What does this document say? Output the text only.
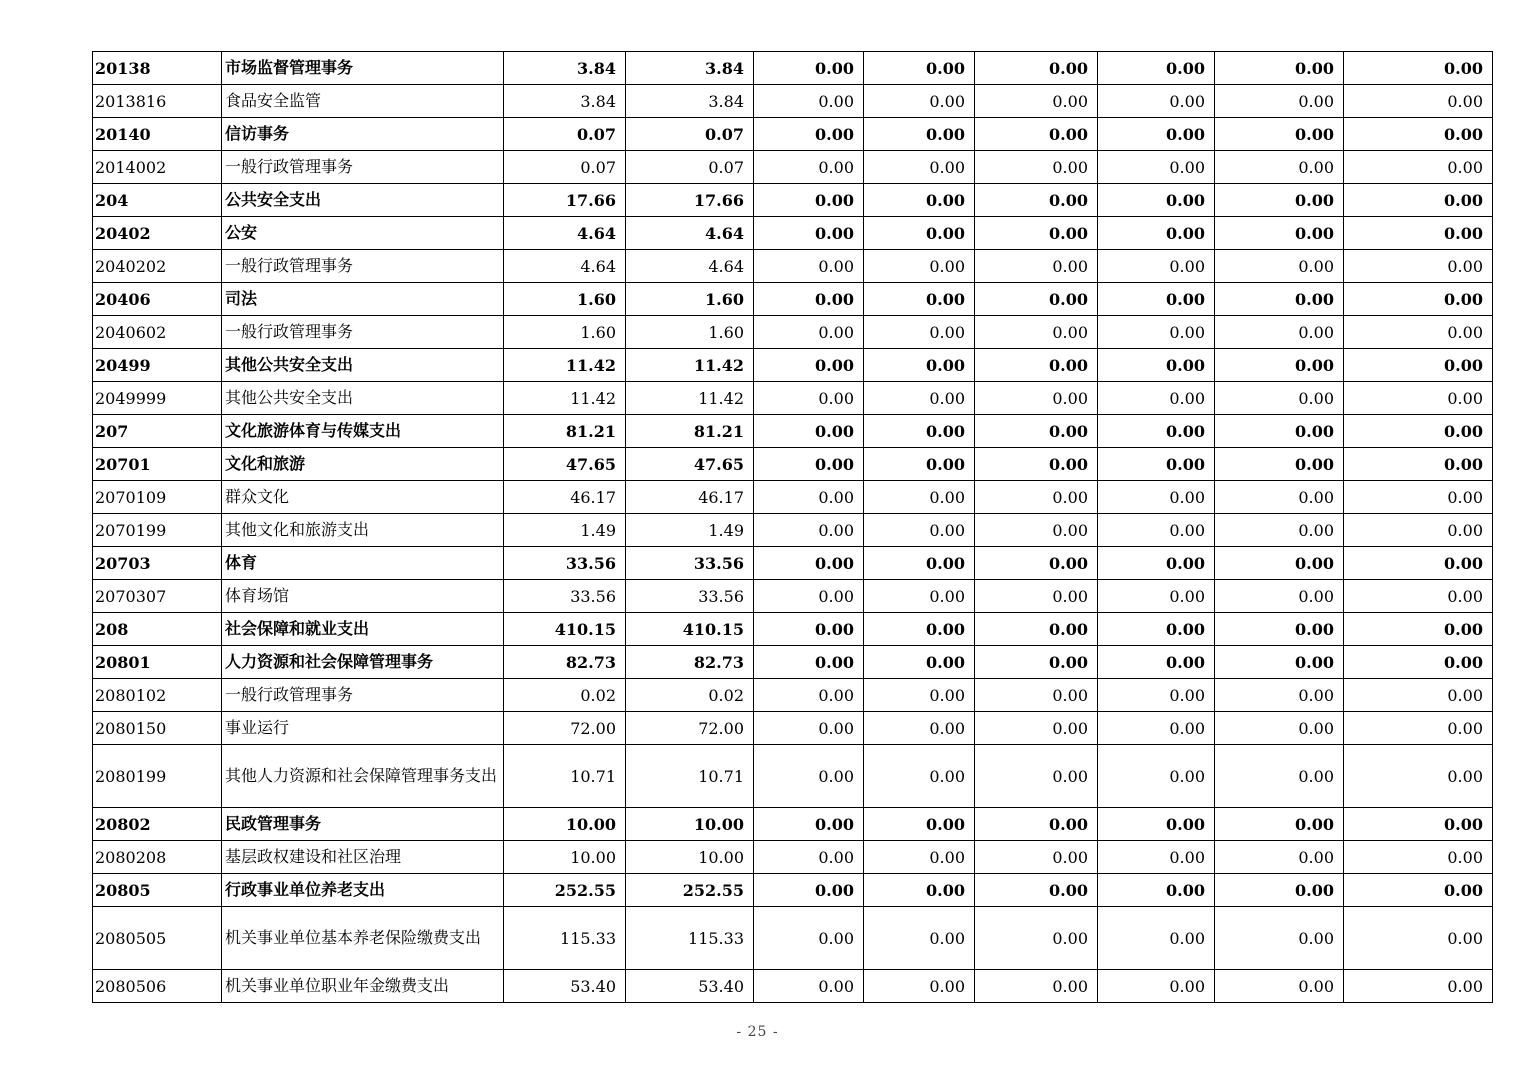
20138	市场监督管理事务	3.84	3.84	0.00	0.00	0.00	0.00	0.00	0.00
2013816	食品安全监管	3.84	3.84	0.00	0.00	0.00	0.00	0.00	0.00
20140	信访事务	0.07	0.07	0.00	0.00	0.00	0.00	0.00	0.00
2014002	一般行政管理事务	0.07	0.07	0.00	0.00	0.00	0.00	0.00	0.00
204	公共安全支出	17.66	17.66	0.00	0.00	0.00	0.00	0.00	0.00
20402	公安	4.64	4.64	0.00	0.00	0.00	0.00	0.00	0.00
2040202	一般行政管理事务	4.64	4.64	0.00	0.00	0.00	0.00	0.00	0.00
20406	司法	1.60	1.60	0.00	0.00	0.00	0.00	0.00	0.00
2040602	一般行政管理事务	1.60	1.60	0.00	0.00	0.00	0.00	0.00	0.00
20499	其他公共安全支出	11.42	11.42	0.00	0.00	0.00	0.00	0.00	0.00
2049999	其他公共安全支出	11.42	11.42	0.00	0.00	0.00	0.00	0.00	0.00
207	文化旅游体育与传媒支出	81.21	81.21	0.00	0.00	0.00	0.00	0.00	0.00
20701	文化和旅游	47.65	47.65	0.00	0.00	0.00	0.00	0.00	0.00
2070109	群众文化	46.17	46.17	0.00	0.00	0.00	0.00	0.00	0.00
2070199	其他文化和旅游支出	1.49	1.49	0.00	0.00	0.00	0.00	0.00	0.00
20703	体育	33.56	33.56	0.00	0.00	0.00	0.00	0.00	0.00
2070307	体育场馆	33.56	33.56	0.00	0.00	0.00	0.00	0.00	0.00
208	社会保障和就业支出	410.15	410.15	0.00	0.00	0.00	0.00	0.00	0.00
20801	人力资源和社会保障管理事务	82.73	82.73	0.00	0.00	0.00	0.00	0.00	0.00
2080102	一般行政管理事务	0.02	0.02	0.00	0.00	0.00	0.00	0.00	0.00
2080150	事业运行	72.00	72.00	0.00	0.00	0.00	0.00	0.00	0.00
2080199	其他人力资源和社会保障管理事务支出	10.71	10.71	0.00	0.00	0.00	0.00	0.00	0.00
20802	民政管理事务	10.00	10.00	0.00	0.00	0.00	0.00	0.00	0.00
2080208	基层政权建设和社区治理	10.00	10.00	0.00	0.00	0.00	0.00	0.00	0.00
20805	行政事业单位养老支出	252.55	252.55	0.00	0.00	0.00	0.00	0.00	0.00
2080505	机关事业单位基本养老保险缴费支出	115.33	115.33	0.00	0.00	0.00	0.00	0.00	0.00
2080506	机关事业单位职业年金缴费支出	53.40	53.40	0.00	0.00	0.00	0.00	0.00	0.00
- 25 -
